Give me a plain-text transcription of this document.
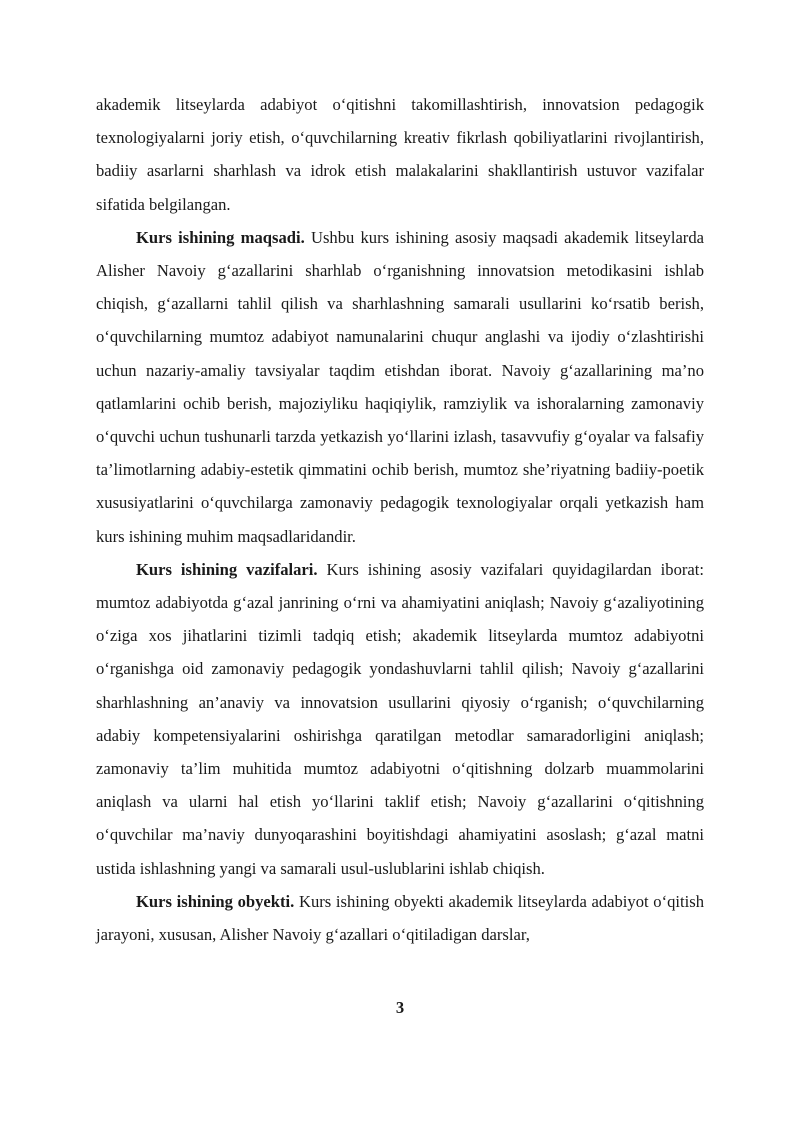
akademik litseylarda adabiyot o‘qitishni takomillashtirish, innovatsion pedagogik texnologiyalarni joriy etish, o‘quvchilarning kreativ fikrlash qobiliyatlarini rivojlantirish, badiiy asarlarni sharhlash va idrok etish malakalarini shakllantirish ustuvor vazifalar sifatida belgilangan.

Kurs ishining maqsadi. Ushbu kurs ishining asosiy maqsadi akademik litseylarda Alisher Navoiy g‘azallarini sharhlab o‘rganishning innovatsion metodikasini ishlab chiqish, g‘azallarni tahlil qilish va sharhlashning samarali usullarini ko‘rsatib berish, o‘quvchilarning mumtoz adabiyot namunalarini chuqur anglashi va ijodiy o‘zlashtirishi uchun nazariy-amaliy tavsiyalar taqdim etishdan iborat. Navoiy g‘azallarining ma’no qatlamlarini ochib berish, majoziyliku haqiqiylik, ramziylik va ishoralarning zamonaviy o‘quvchi uchun tushunarli tarzda yetkazish yo‘llarini izlash, tasavvufiy g‘oyalar va falsafiy ta’limotlarning adabiy-estetik qimmatini ochib berish, mumtoz she’riyatning badiiy-poetik xususiyatlarini o‘quvchilarga zamonaviy pedagogik texnologiyalar orqali yetkazish ham kurs ishining muhim maqsadlaridandir.

Kurs ishining vazifalari. Kurs ishining asosiy vazifalari quyidagilardan iborat: mumtoz adabiyotda g‘azal janrining o‘rni va ahamiyatini aniqlash; Navoiy g‘azaliyotining o‘ziga xos jihatlarini tizimli tadqiq etish; akademik litseylarda mumtoz adabiyotni o‘rganishga oid zamonaviy pedagogik yondashuvlarni tahlil qilish; Navoiy g‘azallarini sharhlashning an’anaviy va innovatsion usullarini qiyosiy o‘rganish; o‘quvchilarning adabiy kompetensiyalarini oshirishga qaratilgan metodlar samaradorligini aniqlash; zamonaviy ta’lim muhitida mumtoz adabiyotni o‘qitishning dolzarb muammolarini aniqlash va ularni hal etish yo‘llarini taklif etish; Navoiy g‘azallarini o‘qitishning o‘quvchilar ma’naviy dunyoqarashini boyitishdagi ahamiyatini asoslash; g‘azal matni ustida ishlashning yangi va samarali usul-uslublarini ishlab chiqish.

Kurs ishining obyekti. Kurs ishining obyekti akademik litseylarda adabiyot o‘qitish jarayoni, xususan, Alisher Navoiy g‘azallari o‘qitiladigan darslar,

3
